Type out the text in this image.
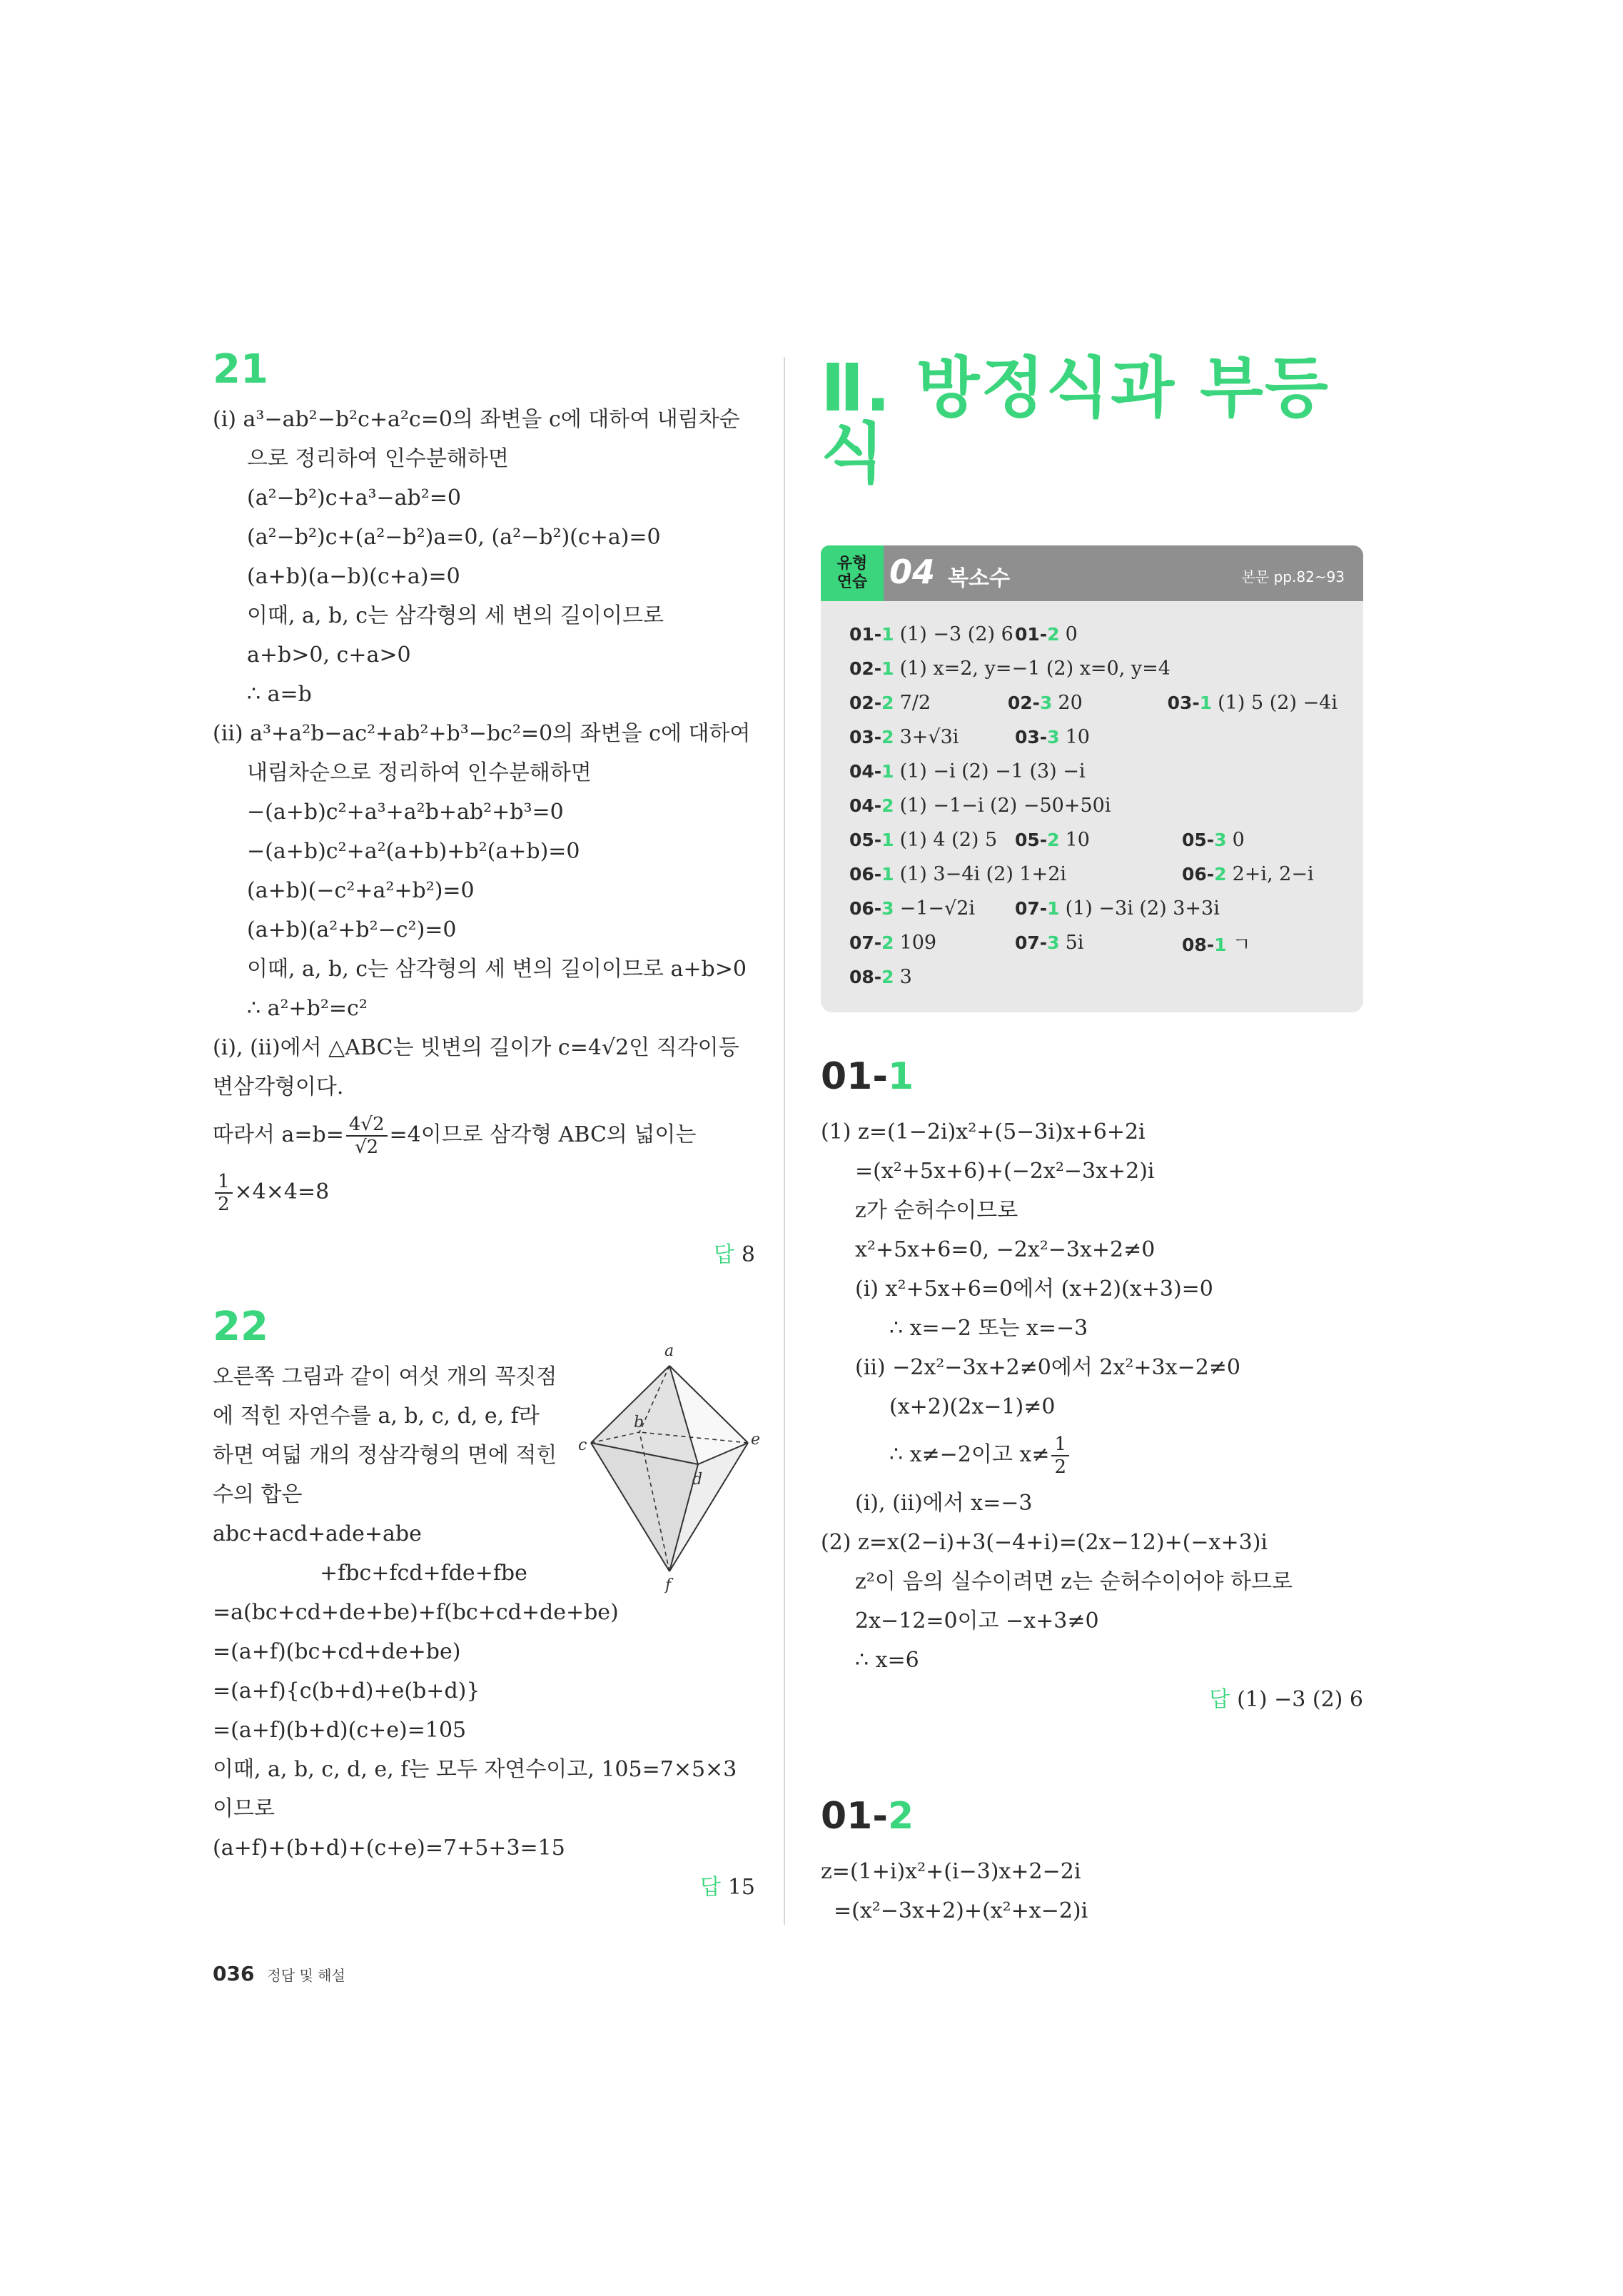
21
(ⅰ) a³−ab²−b²c+a²c=0의 좌변을 c에 대하여 내림차순
으로 정리하여 인수분해하면
(a²−b²)c+a³−ab²=0
(a²−b²)c+(a²−b²)a=0, (a²−b²)(c+a)=0
(a+b)(a−b)(c+a)=0
이때, a, b, c는 삼각형의 세 변의 길이이므로
a+b>0, c+a>0
∴ a=b
(ⅱ) a³+a²b−ac²+ab²+b³−bc²=0의 좌변을 c에 대하여
내림차순으로 정리하여 인수분해하면
−(a+b)c²+a³+a²b+ab²+b³=0
−(a+b)c²+a²(a+b)+b²(a+b)=0
(a+b)(−c²+a²+b²)=0
(a+b)(a²+b²−c²)=0
이때, a, b, c는 삼각형의 세 변의 길이이므로 a+b>0
∴ a²+b²=c²
(ⅰ), (ⅱ)에서 △ABC는 빗변의 길이가 c=4√2인 직각이등
변삼각형이다.
따라서 $a=b= \frac{4√2}{√2} =4$이므로 삼각형 ABC의 넓이는
$\frac{1}{2} \times 4\times 4=8$
답 8
22
a
b
c
d
e
f
오른쪽 그림과 같이 여섯 개의 꼭짓점
에 적힌 자연수를 a, b, c, d, e, f라
하면 여덟 개의 정삼각형의 면에 적힌
수의 합은
abc+acd+ade+abe
+fbc+fcd+fde+fbe
=a(bc+cd+de+be)+f(bc+cd+de+be)
=(a+f)(bc+cd+de+be)
=(a+f){c(b+d)+e(b+d)}
=(a+f)(b+d)(c+e)=105
이때, a, b, c, d, e, f는 모두 자연수이고, 105=7×5×3
이므로
(a+f)+(b+d)+(c+e)=7+5+3=15
답 15
Ⅱ. 방정식과 부등식
유형
연습 04 복소수	본문 pp.82~93
01-1 (1) −3 (2) 6 01-2 0
02-1 (1) x=2, y=−1 (2) x=0, y=4
02-2 7/2	02-3 20	03-1 (1) 5 (2) −4i
03-2 3+√3i	03-3 10
04-1 (1) −i (2) −1 (3) −i
04-2 (1) −1−i (2) −50+50i
05-1 (1) 4 (2) 5 05-2 10	05-3 0
06-1 (1) 3−4i (2) 1+2i	06-2 2+i, 2−i
06-3 −1−√2i	07-1 (1) −3i (2) 3+3i
07-2 109	07-3 5i	08-1 ㄱ
08-2 3
01-1
(1) z=(1−2i)x²+(5−3i)x+6+2i
=(x²+5x+6)+(−2x²−3x+2)i
z가 순허수이므로
x²+5x+6=0, −2x²−3x+2≠0
(ⅰ) x²+5x+6=0에서 (x+2)(x+3)=0
∴ x=−2 또는 x=−3
(ⅱ) −2x²−3x+2≠0에서 2x²+3x−2≠0
(x+2)(2x−1)≠0
∴ x≠−2이고 $x\ne \frac{1}{2}$
(ⅰ), (ⅱ)에서 x=−3
(2) z=x(2−i)+3(−4+i)=(2x−12)+(−x+3)i
z²이 음의 실수이려면 z는 순허수이어야 하므로
2x−12=0이고 −x+3≠0
∴ x=6
답 (1) −3 (2) 6
01-2
z=(1+i)x²+(i−3)x+2−2i
=(x²−3x+2)+(x²+x−2)i
036 정답 및 해설
